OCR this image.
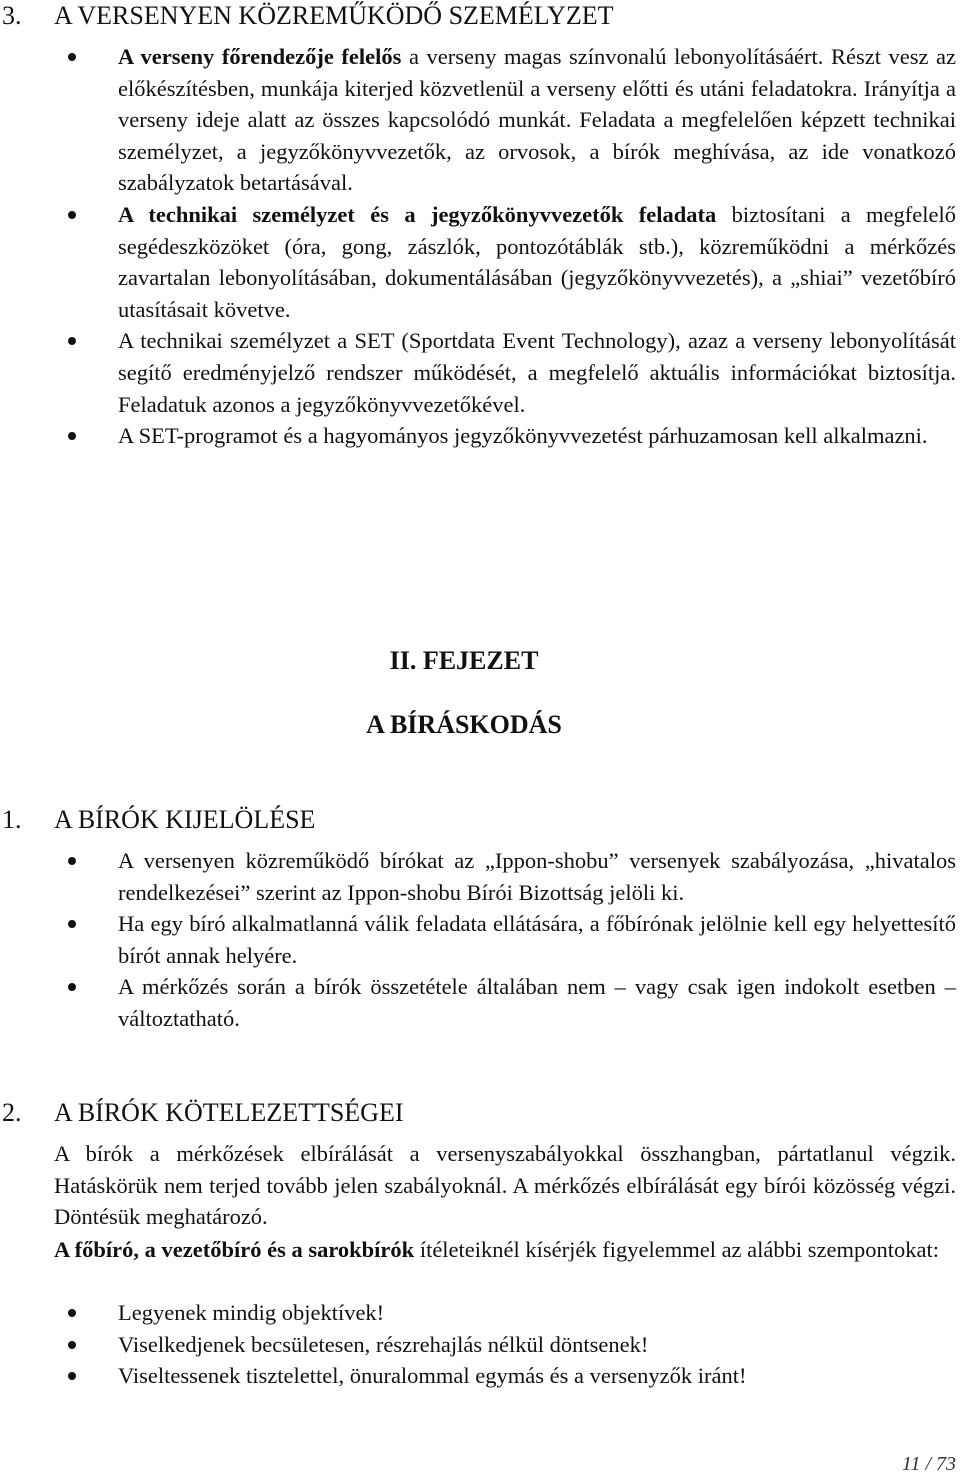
3. A VERSENYEN KÖZREMŰKÖDŐ SZEMÉLYZET
A verseny főrendezője felelős a verseny magas színvonalú lebonyolításáért. Részt vesz az előkészítésben, munkája kiterjed közvetlenül a verseny előtti és utáni feladatokra. Irányítja a verseny ideje alatt az összes kapcsolódó munkát. Feladata a megfelelően képzett technikai személyzet, a jegyzőkönyvvezetők, az orvosok, a bírók meghívása, az ide vonatkozó szabályzatok betartásával.
A technikai személyzet és a jegyzőkönyvvezetők feladata biztosítani a megfelelő segédeszközöket (óra, gong, zászlók, pontozótáblák stb.), közreműködni a mérkőzés zavartalan lebonyolításában, dokumentálásában (jegyzőkönyvvezetés), a „shiai” vezetőbíró utasításait követve.
A technikai személyzet a SET (Sportdata Event Technology), azaz a verseny lebonyolítását segítő eredményjelző rendszer működését, a megfelelő aktuális információkat biztosítja. Feladatuk azonos a jegyzőkönyvvezetőkével.
A SET-programot és a hagyományos jegyzőkönyvvezetést párhuzamosan kell alkalmazni.
II. FEJEZET
A BÍRÁSKODÁS
1. A BÍRÓK KIJELÖLÉSE
A versenyen közreműködő bírókat az „Ippon-shobu” versenyek szabályozása, „hivatalos rendelkezései” szerint az Ippon-shobu Bírói Bizottság jelöli ki.
Ha egy bíró alkalmatlanná válik feladata ellátására, a főbírónak jelölnie kell egy helyettesítő bírót annak helyére.
A mérkőzés során a bírók összetétele általában nem – vagy csak igen indokolt esetben – változtatható.
2. A BÍRÓK KÖTELEZETTSÉGEI
A bírók a mérkőzések elbírálását a versenyszabályokkal összhangban, pártatlanul végzik. Hatáskörük nem terjed tovább jelen szabályoknál. A mérkőzés elbírálását egy bírói közösség végzi. Döntésük meghatározó.
A főbíró, a vezetőbíró és a sarokbírók ítéleteiknél kísérjék figyelemmel az alábbi szempontokat:
Legyenek mindig objektívek!
Viselkedjenek becsületesen, részrehajlás nélkül döntsenek!
Viseltessenek tisztelettel, önuralommal egymás és a versenyzők iránt!
11 / 73
